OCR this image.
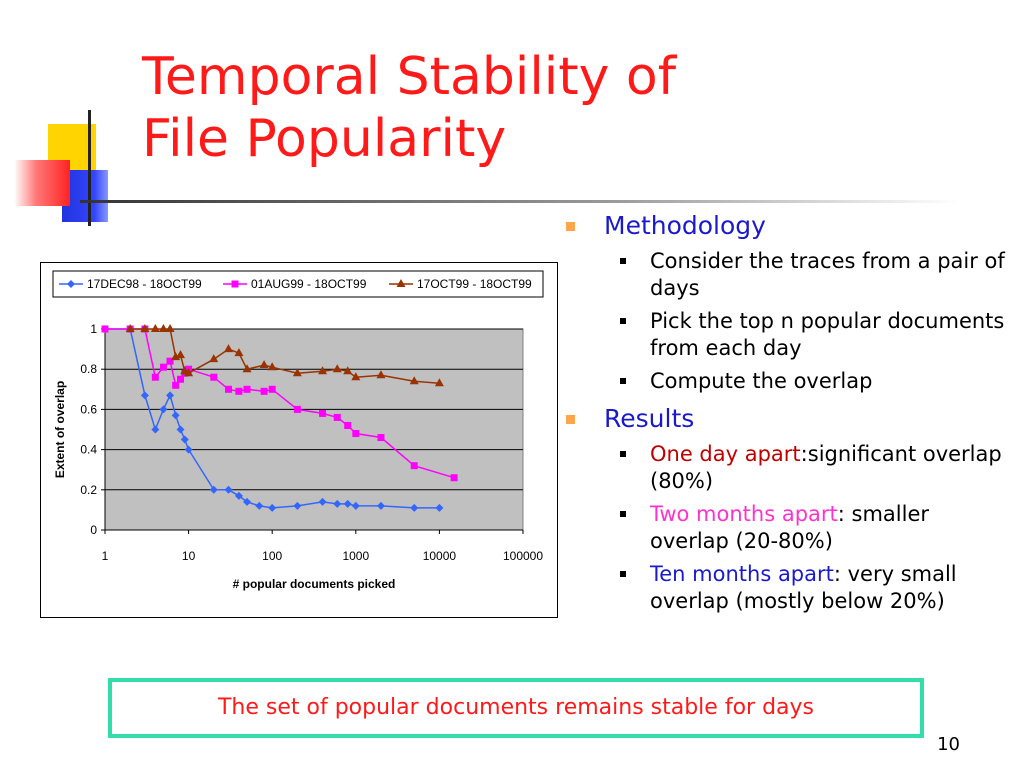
Temporal Stability of
File Popularity
0
0.2
0.4
0.6
0.8
1
1	10	100	1000	10000	100000
# popular documents picked
Extent of overlap
17DEC98 - 18OCT99	01AUG99 - 18OCT99	17OCT99 - 18OCT99
Methodology
Consider the traces from a pair of days
Pick the top n popular documents from each day
Compute the overlap
Results
One day apart:significant overlap (80%)
Two months apart: smaller overlap (20-80%)
Ten months apart: very small overlap (mostly below 20%)
The set of popular documents remains stable for days
10
